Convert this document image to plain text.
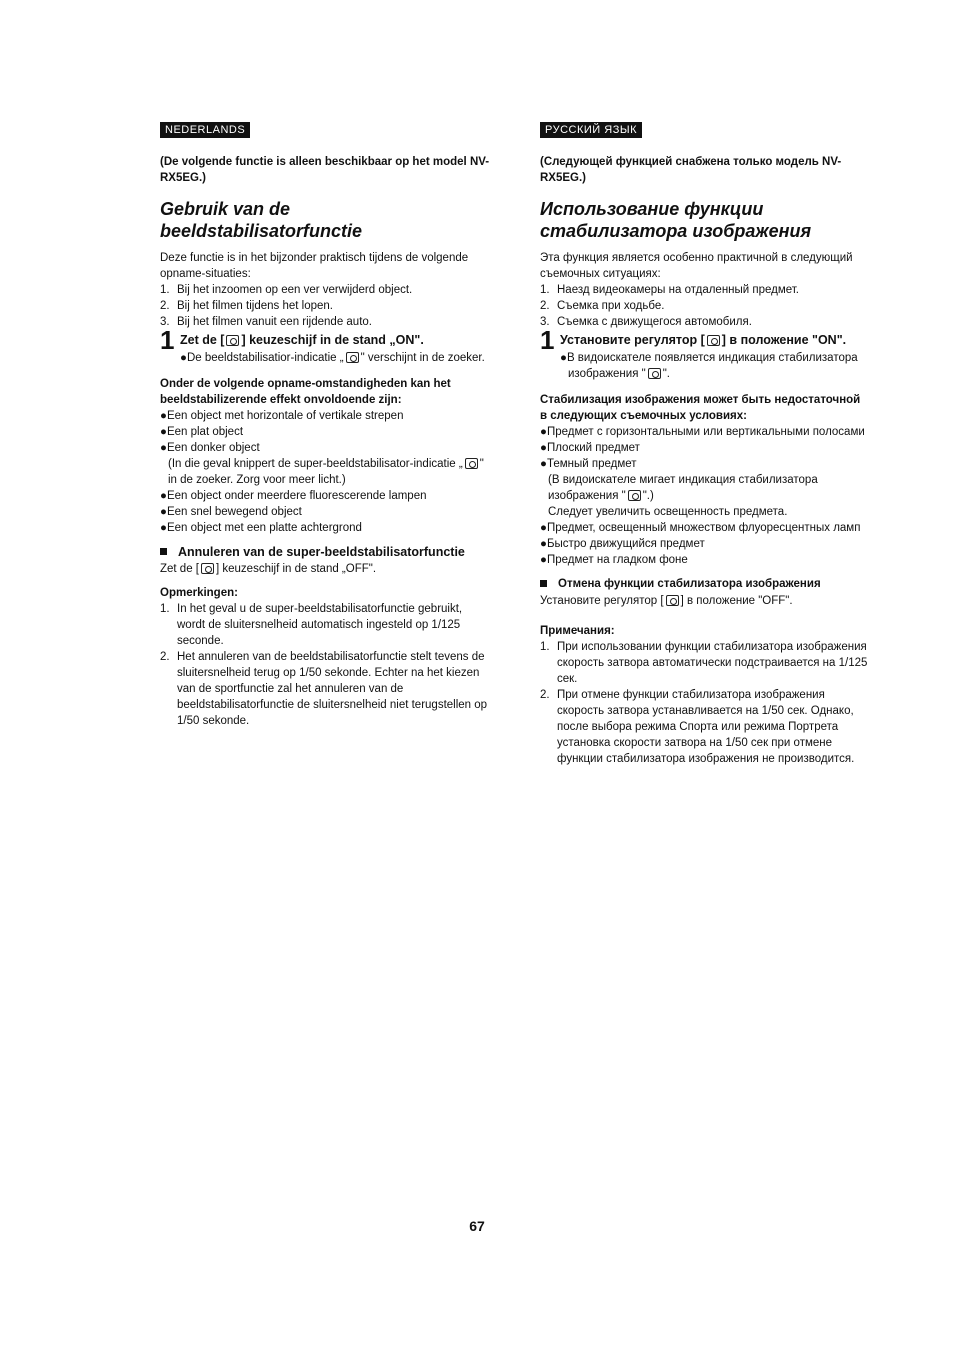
NEDERLANDS

(De volgende functie is alleen beschikbaar op het model NV-RX5EG.)

Gebruik van de beeldstabilisatorfunctie

Deze functie is in het bijzonder praktisch tijdens de volgende opname-situaties:

1. Bij het inzoomen op een ver verwijderd object.
2. Bij het filmen tijdens het lopen.
3. Bij het filmen vanuit een rijdende auto.
1 Zet de [ ] keuzeschijf in de stand „ON".
●De beeldstabilisatior-indicatie „ " verschijnt in de zoeker.

Onder de volgende opname-omstandigheden kan het beeldstabilizerende effekt onvoldoende zijn:

●Een object met horizontale of vertikale strepen
●Een plat object
●Een donker object
(In die geval knippert de super-beeldstabilisator-indicatie „ " in de zoeker. Zorg voor meer licht.)
●Een object onder meerdere fluorescerende lampen
●Een snel bewegend object
●Een object met een platte achtergrond
Annuleren van de super-beeldstabilisatorfunctie

Zet de [ ] keuzeschijf in de stand „OFF".

Opmerkingen:

1. In het geval u de super-beeldstabilisatorfunctie gebruikt, wordt de sluitersnelheid automatisch ingesteld op 1/125 seconde.
2. Het annuleren van de beeldstabilisatorfunctie stelt tevens de sluitersnelheid terug op 1/50 sekonde. Echter na het kiezen van de sportfunctie zal het annuleren van de beeldstabilisatorfunctie de sluitersnelheid niet terugstellen op 1/50 sekonde.
РУССКИЙ ЯЗЫК

(Следующей функцией снабжена только модель NV-RX5EG.)

Использование функции стабилизатора изображения

Эта функция является особенно практичной в следующий съемочных ситуациях:

1. Наезд видеокамеры на отдаленный предмет.
2. Съемка при ходьбе.
3. Съемка с движущегося автомобиля.
1 Установите регулятор [ ] в положение "ON".
●В видоискателе появляется индикация стабилизатора изображения " ".

Стабилизация изображения может быть недостаточной в следующих съемочных условиях:

●Предмет с горизонтальными или вертикальными полосами
●Плоский предмет
●Темный предмет
(В видоискателе мигает индикация стабилизатора изображения " ".)
Следует увеличить освещенность предмета.
●Предмет, освещенный множеством флуоресцентных ламп
●Быстро движущийся предмет
●Предмет на гладком фоне
Отмена функции стабилизатора изображения

Установите регулятор [ ] в положение "OFF".

Примечания:

1. При использовании функции стабилизатора изображения скорость затвора автоматически подстраивается на 1/125 сек.
2. При отмене функции стабилизатора изображения скорость затвора устанавливается на 1/50 сек. Однако, после выбора режима Спорта или режима Портрета установка скорости затвора на 1/50 сек при отмене функции стабилизатора изображения не производится.
67
